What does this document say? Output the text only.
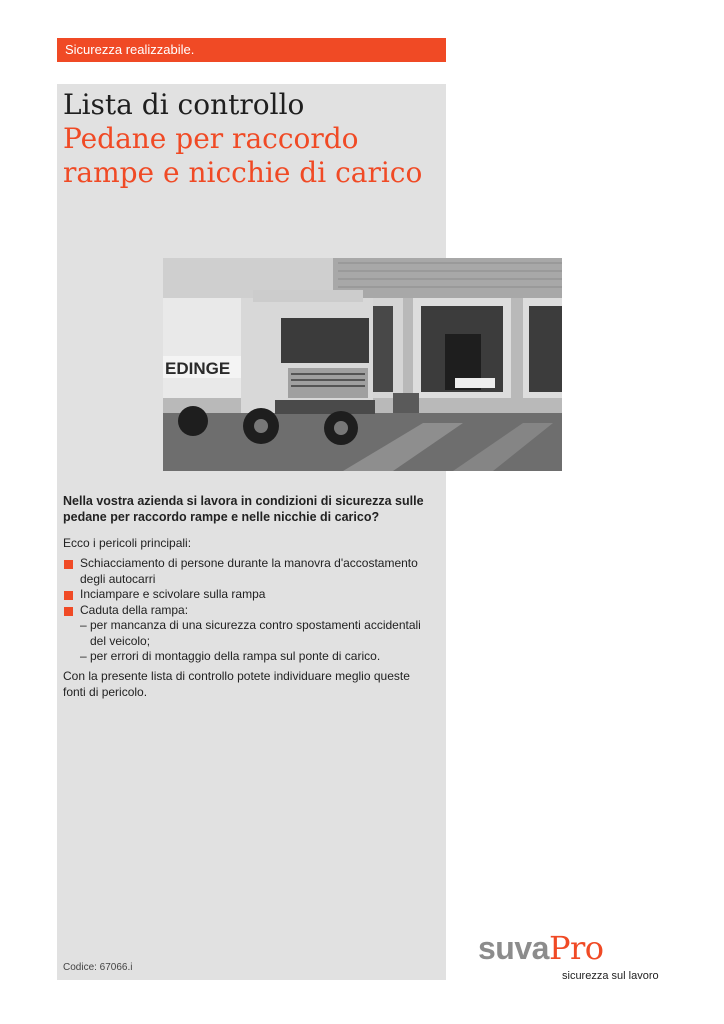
Sicurezza realizzabile.
Lista di controllo
Pedane per raccordo
rampe e nicchie di carico
EDINGE
Nella vostra azienda si lavora in condizioni di sicurezza sulle pedane per raccordo rampe e nelle nicchie di carico?
Ecco i pericoli principali:
Schiacciamento di persone durante la manovra d'accostamento degli autocarri
Inciampare e scivolare sulla rampa
Caduta della rampa:
– per mancanza di una sicurezza contro spostamenti accidentali del veicolo;
– per errori di montaggio della rampa sul ponte di carico.
Con la presente lista di controllo potete individuare meglio queste fonti di pericolo.
Codice: 67066.i
suvaPro
sicurezza sul lavoro
